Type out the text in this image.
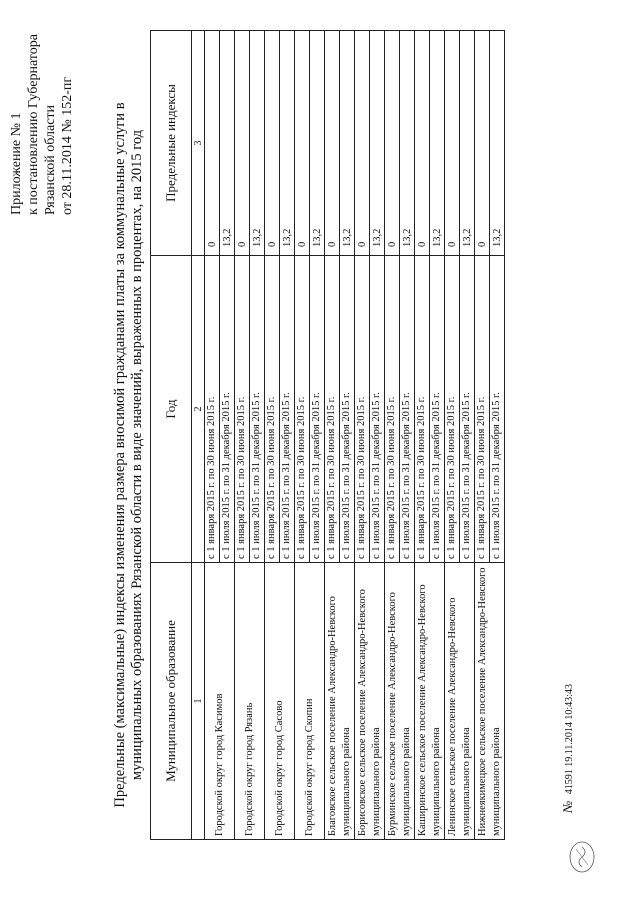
Приложение № 1 к постановлению Губернатора Рязанской области от 28.11.2014 № 152-пг	Предельные (максимальные) индексы изменения размера вносимой гражданами платы за коммунальные услуги в муниципальных образованиях Рязанской области в виде значений, выраженных в процентах, на 2015 год Муниципальное образование	Год	Предельные индексы
1	2	3
Городской округ город Касимов	с 1 января 2015 г. по 30 июня 2015 г.	0
	с 1 июля 2015 г. по 31 декабря 2015 г.	13,2
Городской округ город Рязань	с 1 января 2015 г. по 30 июня 2015 г.	0
	с 1 июля 2015 г. по 31 декабря 2015 г.	13,2
Городской округ город Сасово	с 1 января 2015 г. по 30 июня 2015 г.	0
	с 1 июля 2015 г. по 31 декабря 2015 г.	13,2
Городской округ город Скопин	с 1 января 2015 г. по 30 июня 2015 г.	0
	с 1 июля 2015 г. по 31 декабря 2015 г.	13,2
Благовское сельское поселение Александро-Невского муниципального района	с 1 января 2015 г. по 30 июня 2015 г.	0
	с 1 июля 2015 г. по 31 декабря 2015 г.	13,2
Борисовское сельское поселение Александро-Невского муниципального района	с 1 января 2015 г. по 30 июня 2015 г.	0
	с 1 июля 2015 г. по 31 декабря 2015 г.	13,2
Бурминское сельское поселение Александро-Невского муниципального района	с 1 января 2015 г. по 30 июня 2015 г.	0
	с 1 июля 2015 г. по 31 декабря 2015 г.	13,2
Каширинское сельское поселение Александро-Невского муниципального района	с 1 января 2015 г. по 30 июня 2015 г.	0
	с 1 июля 2015 г. по 31 декабря 2015 г.	13,2
Ленинское сельское поселение Александро-Невского муниципального района	с 1 января 2015 г. по 30 июня 2015 г.	0
	с 1 июля 2015 г. по 31 декабря 2015 г.	13,2
Нижнеякимецкое сельское поселение Александро-Невского муниципального района	с 1 января 2015 г. по 30 июня 2015 г.	0
	с 1 июля 2015 г. по 31 декабря 2015 г.	13,2
№ 41591 19.11.2014 10:43:43
